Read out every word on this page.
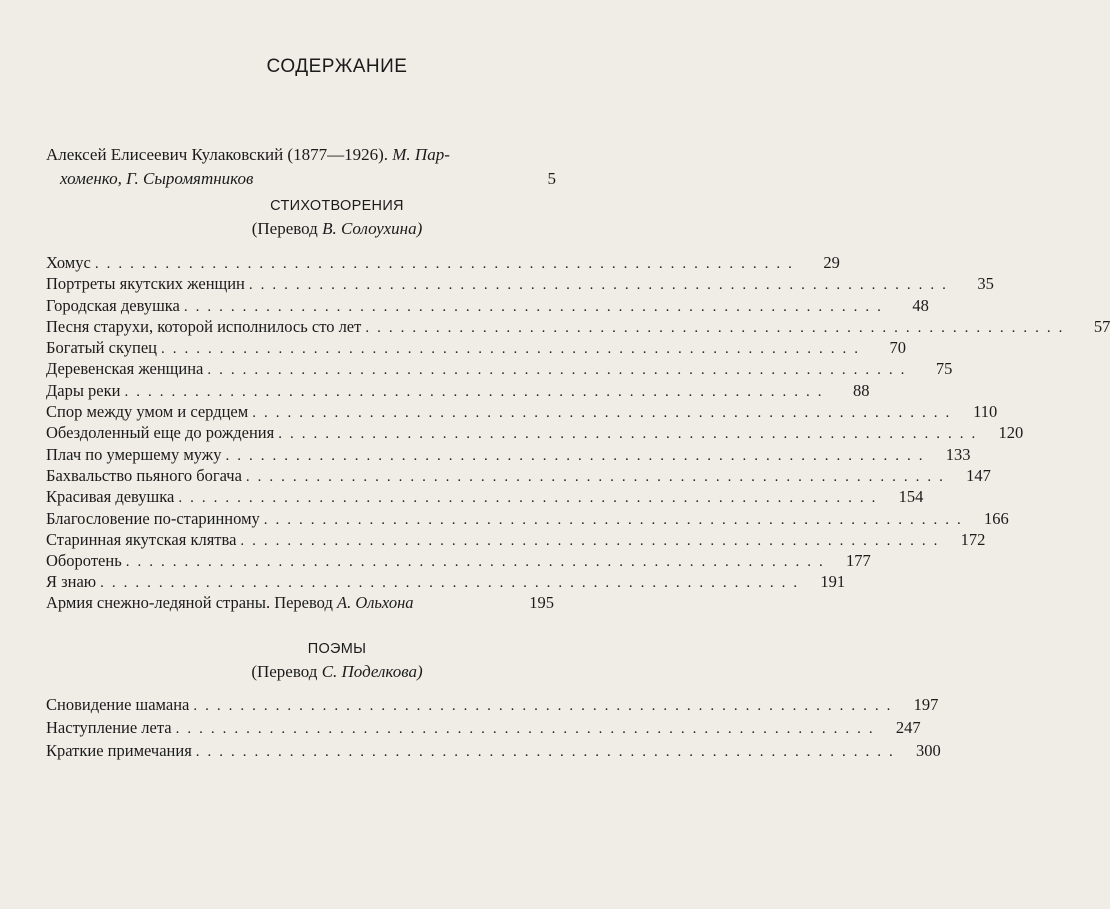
СОДЕРЖАНИЕ
Алексей Елисеевич Кулаковский (1877—1926). М. Пар-
хоменко, Г. Сыромятников	5
СТИХОТВОРЕНИЯ
(Перевод В. Солоухина)
Хомус ............................................................	29
Портреты якутских женщин ............................................................	35
Городская девушка ............................................................	48
Песня старухи, которой исполнилось сто лет ............................................................	57
Богатый скупец ............................................................	70
Деревенская женщина ............................................................	75
Дары реки ............................................................	88
Спор между умом и сердцем ............................................................ 110
Обездоленный еще до рождения ............................................................ 120
Плач по умершему мужу ............................................................ 133
Бахвальство пьяного богача ............................................................ 147
Красивая девушка ............................................................ 154
Благословение по-старинному ............................................................ 166
Старинная якутская клятва ............................................................ 172
Оборотень ............................................................ 177
Я знаю ............................................................ 191
Армия снежно-ледяной страны. Перевод А. Ольхона	195
ПОЭМЫ
(Перевод С. Поделкова)
Сновидение шамана ............................................................ 197
Наступление лета ............................................................ 247
Краткие примечания ............................................................ 300
